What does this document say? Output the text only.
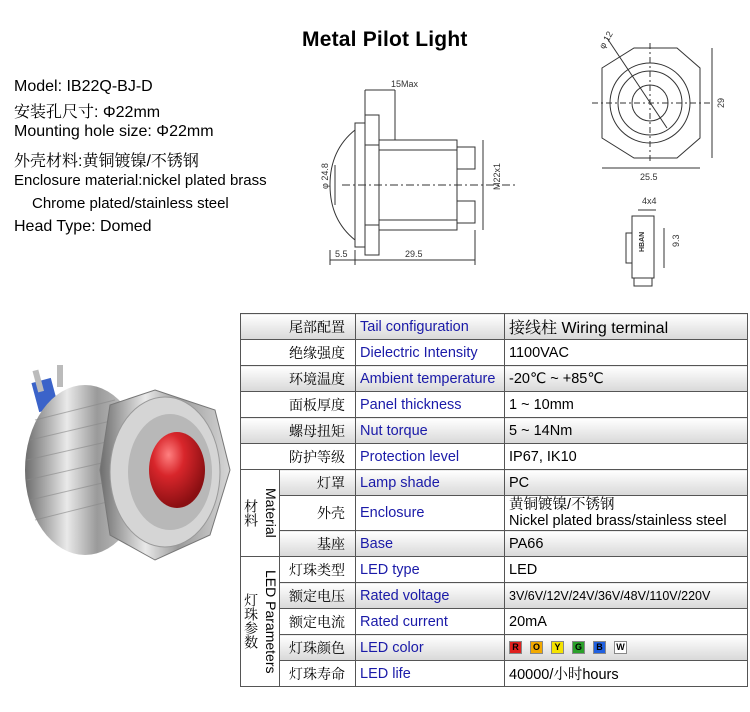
Metal Pilot Light
Model: IB22Q-BJ-D
安装孔尺寸: Φ22mm
Mounting hole size: Φ22mm
外壳材料:黄铜镀镍/不锈钢
Enclosure material:nickel plated brass
Chrome plated/stainless steel
Head Type: Domed
15Max
φ 24.8	M22x1
5.5	29.5
φ 12
29
25.5
4x4
9.3
HBAN
尾部配置		Tail configuration	接线柱 Wiring terminal
绝缘强度		Dielectric Intensity	1100VAC
环境温度		Ambient temperature	-20℃ ~ +85℃
面板厚度		Panel thickness	1 ~ 10mm
螺母扭矩		Nut torque	5 ~ 14Nm
防护等级		Protection level	IP67, IK10

材料 Material	灯罩	Lamp shade	PC
	外壳	Enclosure	黄铜镀镍/不锈钢
Nickel plated brass/stainless steel

	基座	Base	PA66

灯珠参数 LED Parameters	灯珠类型	LED type	LED
	额定电压	Rated voltage	3V/6V/12V/24V/36V/48V/110V/220V
	额定电流	Rated current	20mA
	灯珠颜色	LED color	R O Y G B W
	灯珠寿命	LED life	40000/小时hours
